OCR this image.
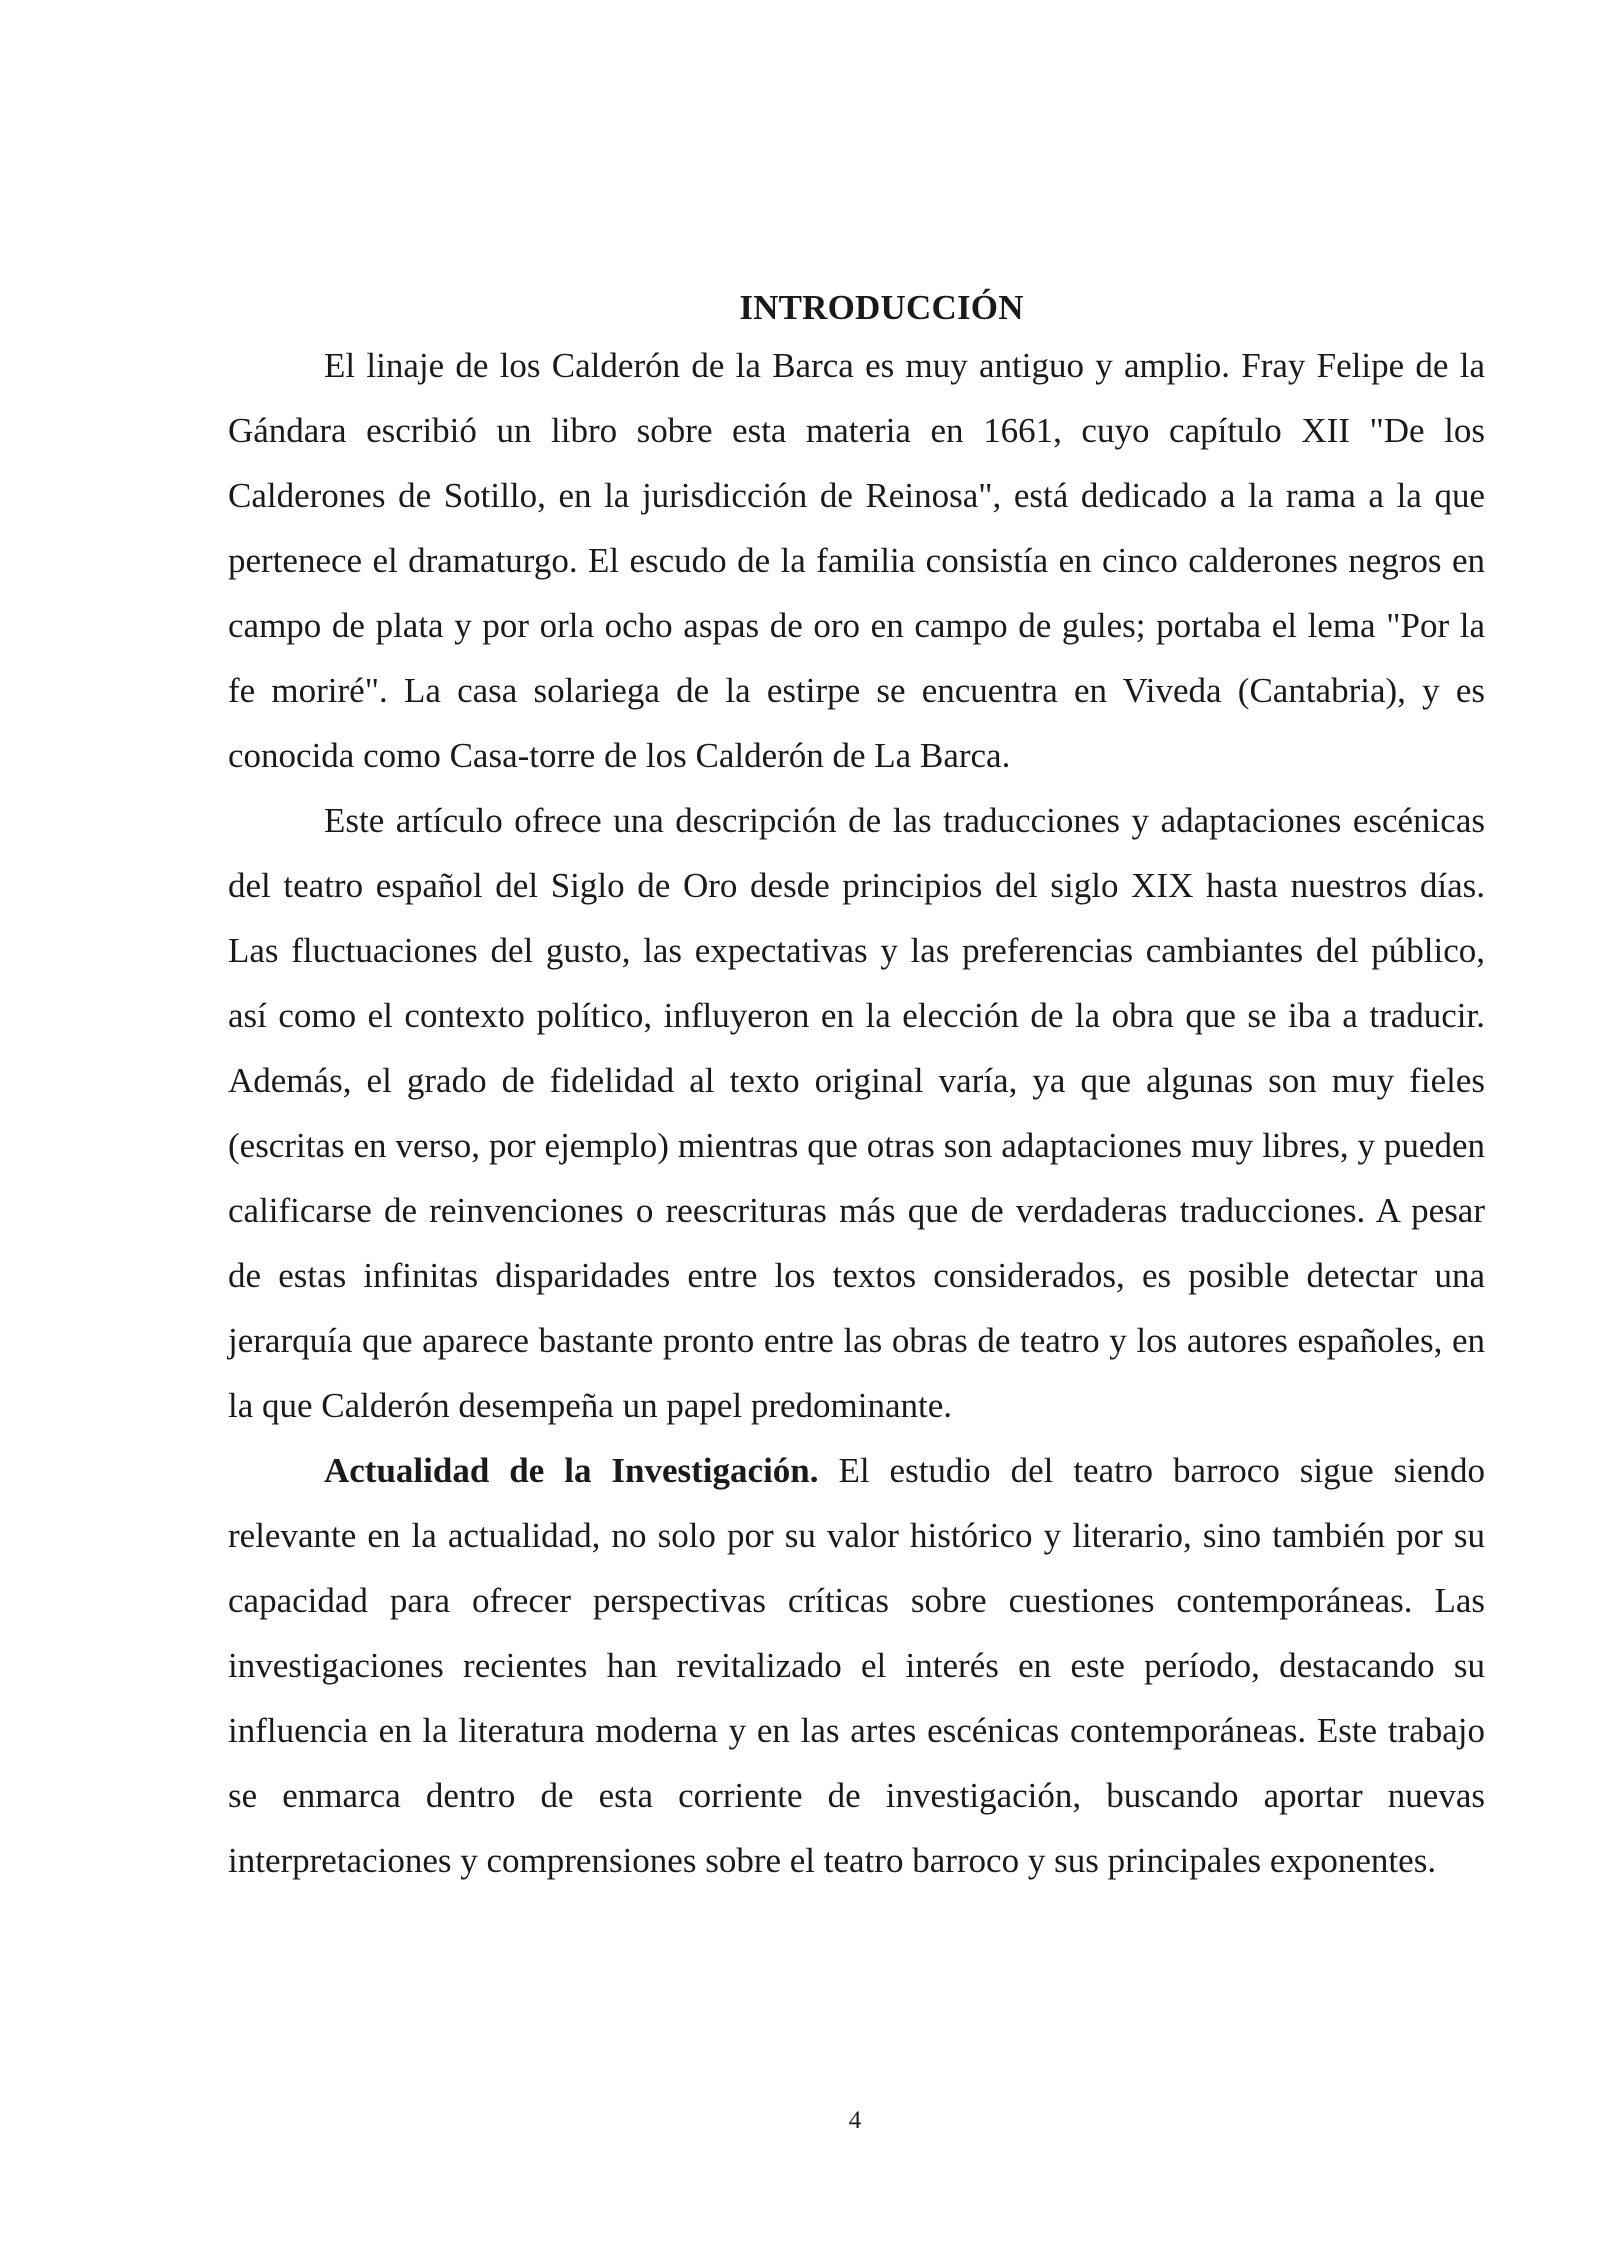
INTRODUCCIÓN

El linaje de los Calderón de la Barca es muy antiguo y amplio. Fray Felipe de la Gándara escribió un libro sobre esta materia en 1661, cuyo capítulo XII "De los Calderones de Sotillo, en la jurisdicción de Reinosa", está dedicado a la rama a la que pertenece el dramaturgo. El escudo de la familia consistía en cinco calderones negros en campo de plata y por orla ocho aspas de oro en campo de gules; portaba el lema "Por la fe moriré". La casa solariega de la estirpe se encuentra en Viveda (Cantabria), y es conocida como Casa-torre de los Calderón de La Barca.

Este artículo ofrece una descripción de las traducciones y adaptaciones escénicas del teatro español del Siglo de Oro desde principios del siglo XIX hasta nuestros días. Las fluctuaciones del gusto, las expectativas y las preferencias cambiantes del público, así como el contexto político, influyeron en la elección de la obra que se iba a traducir. Además, el grado de fidelidad al texto original varía, ya que algunas son muy fieles (escritas en verso, por ejemplo) mientras que otras son adaptaciones muy libres, y pueden calificarse de reinvenciones o reescrituras más que de verdaderas traducciones. A pesar de estas infinitas disparidades entre los textos considerados, es posible detectar una jerarquía que aparece bastante pronto entre las obras de teatro y los autores españoles, en la que Calderón desempeña un papel predominante.

Actualidad de la Investigación. El estudio del teatro barroco sigue siendo relevante en la actualidad, no solo por su valor histórico y literario, sino también por su capacidad para ofrecer perspectivas críticas sobre cuestiones contemporáneas. Las investigaciones recientes han revitalizado el interés en este período, destacando su influencia en la literatura moderna y en las artes escénicas contemporáneas. Este trabajo se enmarca dentro de esta corriente de investigación, buscando aportar nuevas interpretaciones y comprensiones sobre el teatro barroco y sus principales exponentes.

4
